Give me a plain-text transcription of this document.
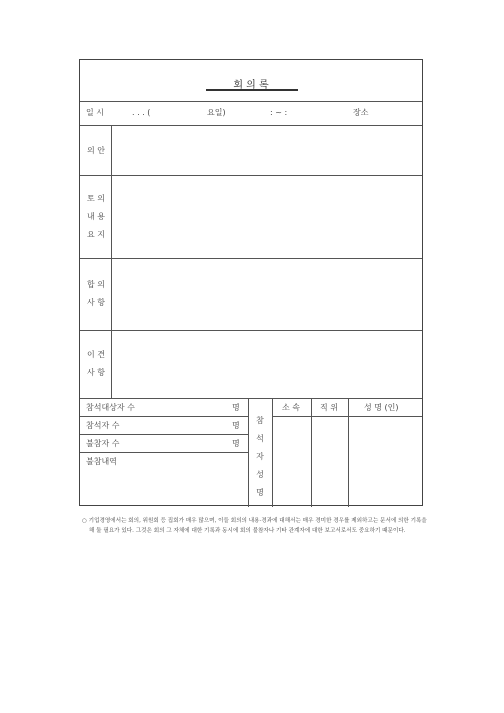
회 의 록
일 시	. . . (	요일)	: ~ :	장소
의 안
토 의
내 용
요 지
합 의
사 항
이 견
사 항
참석대상자 수	명
참석자 수	명
불참자 수	명
불참내역
참
석
자
성
명
소 속	직 위	성 명 (인)
○ 기업경영에서는 회의, 위원회 등 집회가 매우 많으며, 이들 회의의 내용·경과에 대해서는 매우 경미한 경우를 제외하고는 문서에 의한 기록을
해 둘 필요가 있다. 그것은 회의 그 자체에 대한 기록과 동시에 회의 불참자나 기타 관계자에 대한 보고서로서도 중요하기 때문이다.
